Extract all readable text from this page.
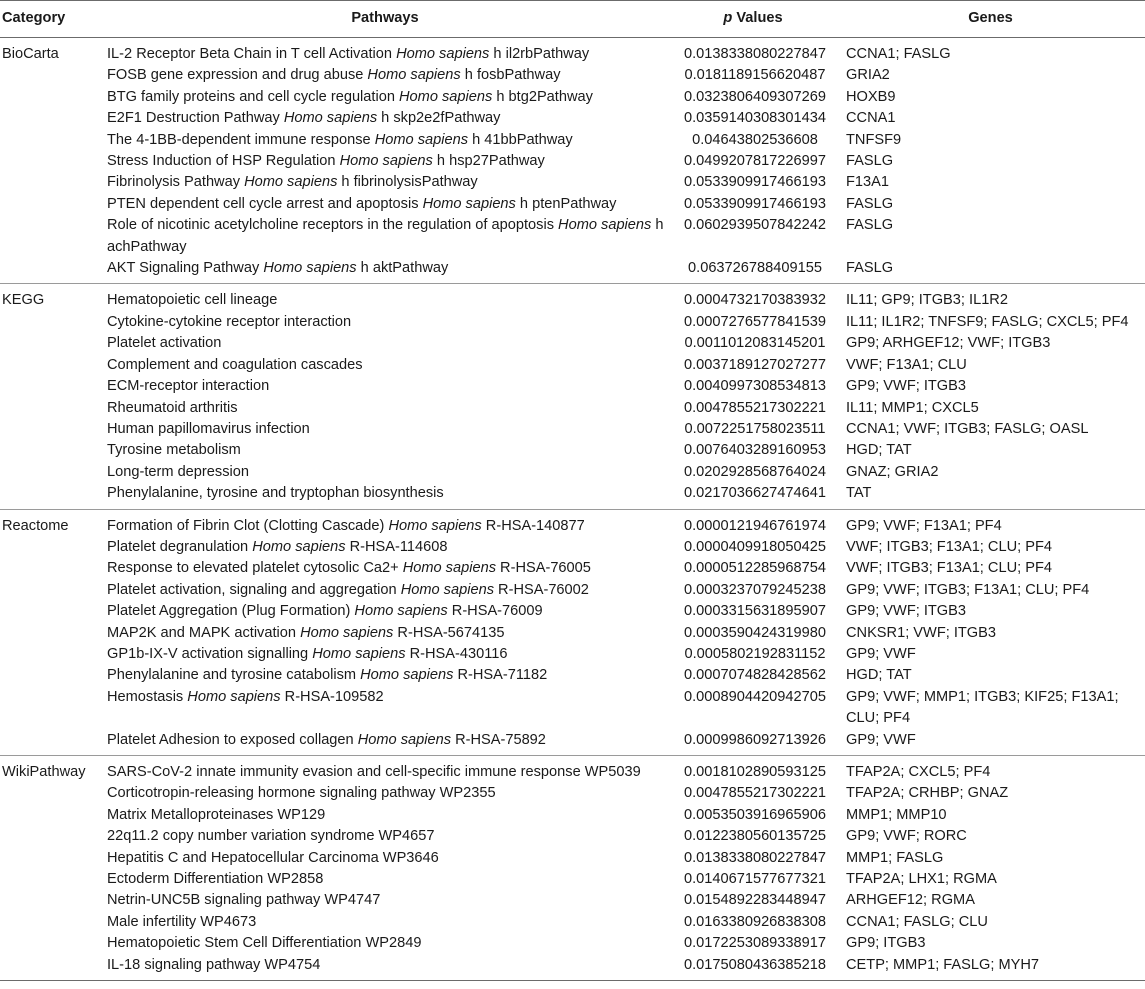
Category	Pathways	p Values	Genes
BioCarta	IL-2 Receptor Beta Chain in T cell Activation Homo sapiens h il2rbPathway	0.0138338080227847	CCNA1; FASLG
	FOSB gene expression and drug abuse Homo sapiens h fosbPathway	0.0181189156620487	GRIA2
	BTG family proteins and cell cycle regulation Homo sapiens h btg2Pathway	0.0323806409307269	HOXB9
	E2F1 Destruction Pathway Homo sapiens h skp2e2fPathway	0.0359140308301434	CCNA1
	The 4-1BB-dependent immune response Homo sapiens h 41bbPathway	0.04643802536608	TNFSF9
	Stress Induction of HSP Regulation Homo sapiens h hsp27Pathway	0.0499207817226997	FASLG
	Fibrinolysis Pathway Homo sapiens h fibrinolysisPathway	0.0533909917466193	F13A1
	PTEN dependent cell cycle arrest and apoptosis Homo sapiens h ptenPathway	0.0533909917466193	FASLG
	Role of nicotinic acetylcholine receptors in the regulation of apoptosis Homo sapiens h achPathway	0.0602939507842242	FASLG
	AKT Signaling Pathway Homo sapiens h aktPathway	0.063726788409155	FASLG
KEGG	Hematopoietic cell lineage	0.0004732170383932	IL11; GP9; ITGB3; IL1R2
	Cytokine-cytokine receptor interaction	0.0007276577841539	IL11; IL1R2; TNFSF9; FASLG; CXCL5; PF4
	Platelet activation	0.0011012083145201	GP9; ARHGEF12; VWF; ITGB3
	Complement and coagulation cascades	0.0037189127027277	VWF; F13A1; CLU
	ECM-receptor interaction	0.0040997308534813	GP9; VWF; ITGB3
	Rheumatoid arthritis	0.0047855217302221	IL11; MMP1; CXCL5
	Human papillomavirus infection	0.0072251758023511	CCNA1; VWF; ITGB3; FASLG; OASL
	Tyrosine metabolism	0.0076403289160953	HGD; TAT
	Long-term depression	0.0202928568764024	GNAZ; GRIA2
	Phenylalanine, tyrosine and tryptophan biosynthesis	0.0217036627474641	TAT
Reactome	Formation of Fibrin Clot (Clotting Cascade) Homo sapiens R-HSA-140877	0.0000121946761974	GP9; VWF; F13A1; PF4
	Platelet degranulation Homo sapiens R-HSA-114608	0.0000409918050425	VWF; ITGB3; F13A1; CLU; PF4
	Response to elevated platelet cytosolic Ca2+ Homo sapiens R-HSA-76005	0.0000512285968754	VWF; ITGB3; F13A1; CLU; PF4
	Platelet activation, signaling and aggregation Homo sapiens R-HSA-76002	0.0003237079245238	GP9; VWF; ITGB3; F13A1; CLU; PF4
	Platelet Aggregation (Plug Formation) Homo sapiens R-HSA-76009	0.0003315631895907	GP9; VWF; ITGB3
	MAP2K and MAPK activation Homo sapiens R-HSA-5674135	0.0003590424319980	CNKSR1; VWF; ITGB3
	GP1b-IX-V activation signalling Homo sapiens R-HSA-430116	0.0005802192831152	GP9; VWF
	Phenylalanine and tyrosine catabolism Homo sapiens R-HSA-71182	0.0007074828428562	HGD; TAT
	Hemostasis Homo sapiens R-HSA-109582	0.0008904420942705	GP9; VWF; MMP1; ITGB3; KIF25; F13A1; CLU; PF4
	Platelet Adhesion to exposed collagen Homo sapiens R-HSA-75892	0.0009986092713926	GP9; VWF
WikiPathway	SARS-CoV-2 innate immunity evasion and cell-specific immune response WP5039	0.0018102890593125	TFAP2A; CXCL5; PF4
	Corticotropin-releasing hormone signaling pathway WP2355	0.0047855217302221	TFAP2A; CRHBP; GNAZ
	Matrix Metalloproteinases WP129	0.0053503916965906	MMP1; MMP10
	22q11.2 copy number variation syndrome WP4657	0.0122380560135725	GP9; VWF; RORC
	Hepatitis C and Hepatocellular Carcinoma WP3646	0.0138338080227847	MMP1; FASLG
	Ectoderm Differentiation WP2858	0.0140671577677321	TFAP2A; LHX1; RGMA
	Netrin-UNC5B signaling pathway WP4747	0.0154892283448947	ARHGEF12; RGMA
	Male infertility WP4673	0.0163380926838308	CCNA1; FASLG; CLU
	Hematopoietic Stem Cell Differentiation WP2849	0.0172253089338917	GP9; ITGB3
	IL-18 signaling pathway WP4754	0.0175080436385218	CETP; MMP1; FASLG; MYH7
